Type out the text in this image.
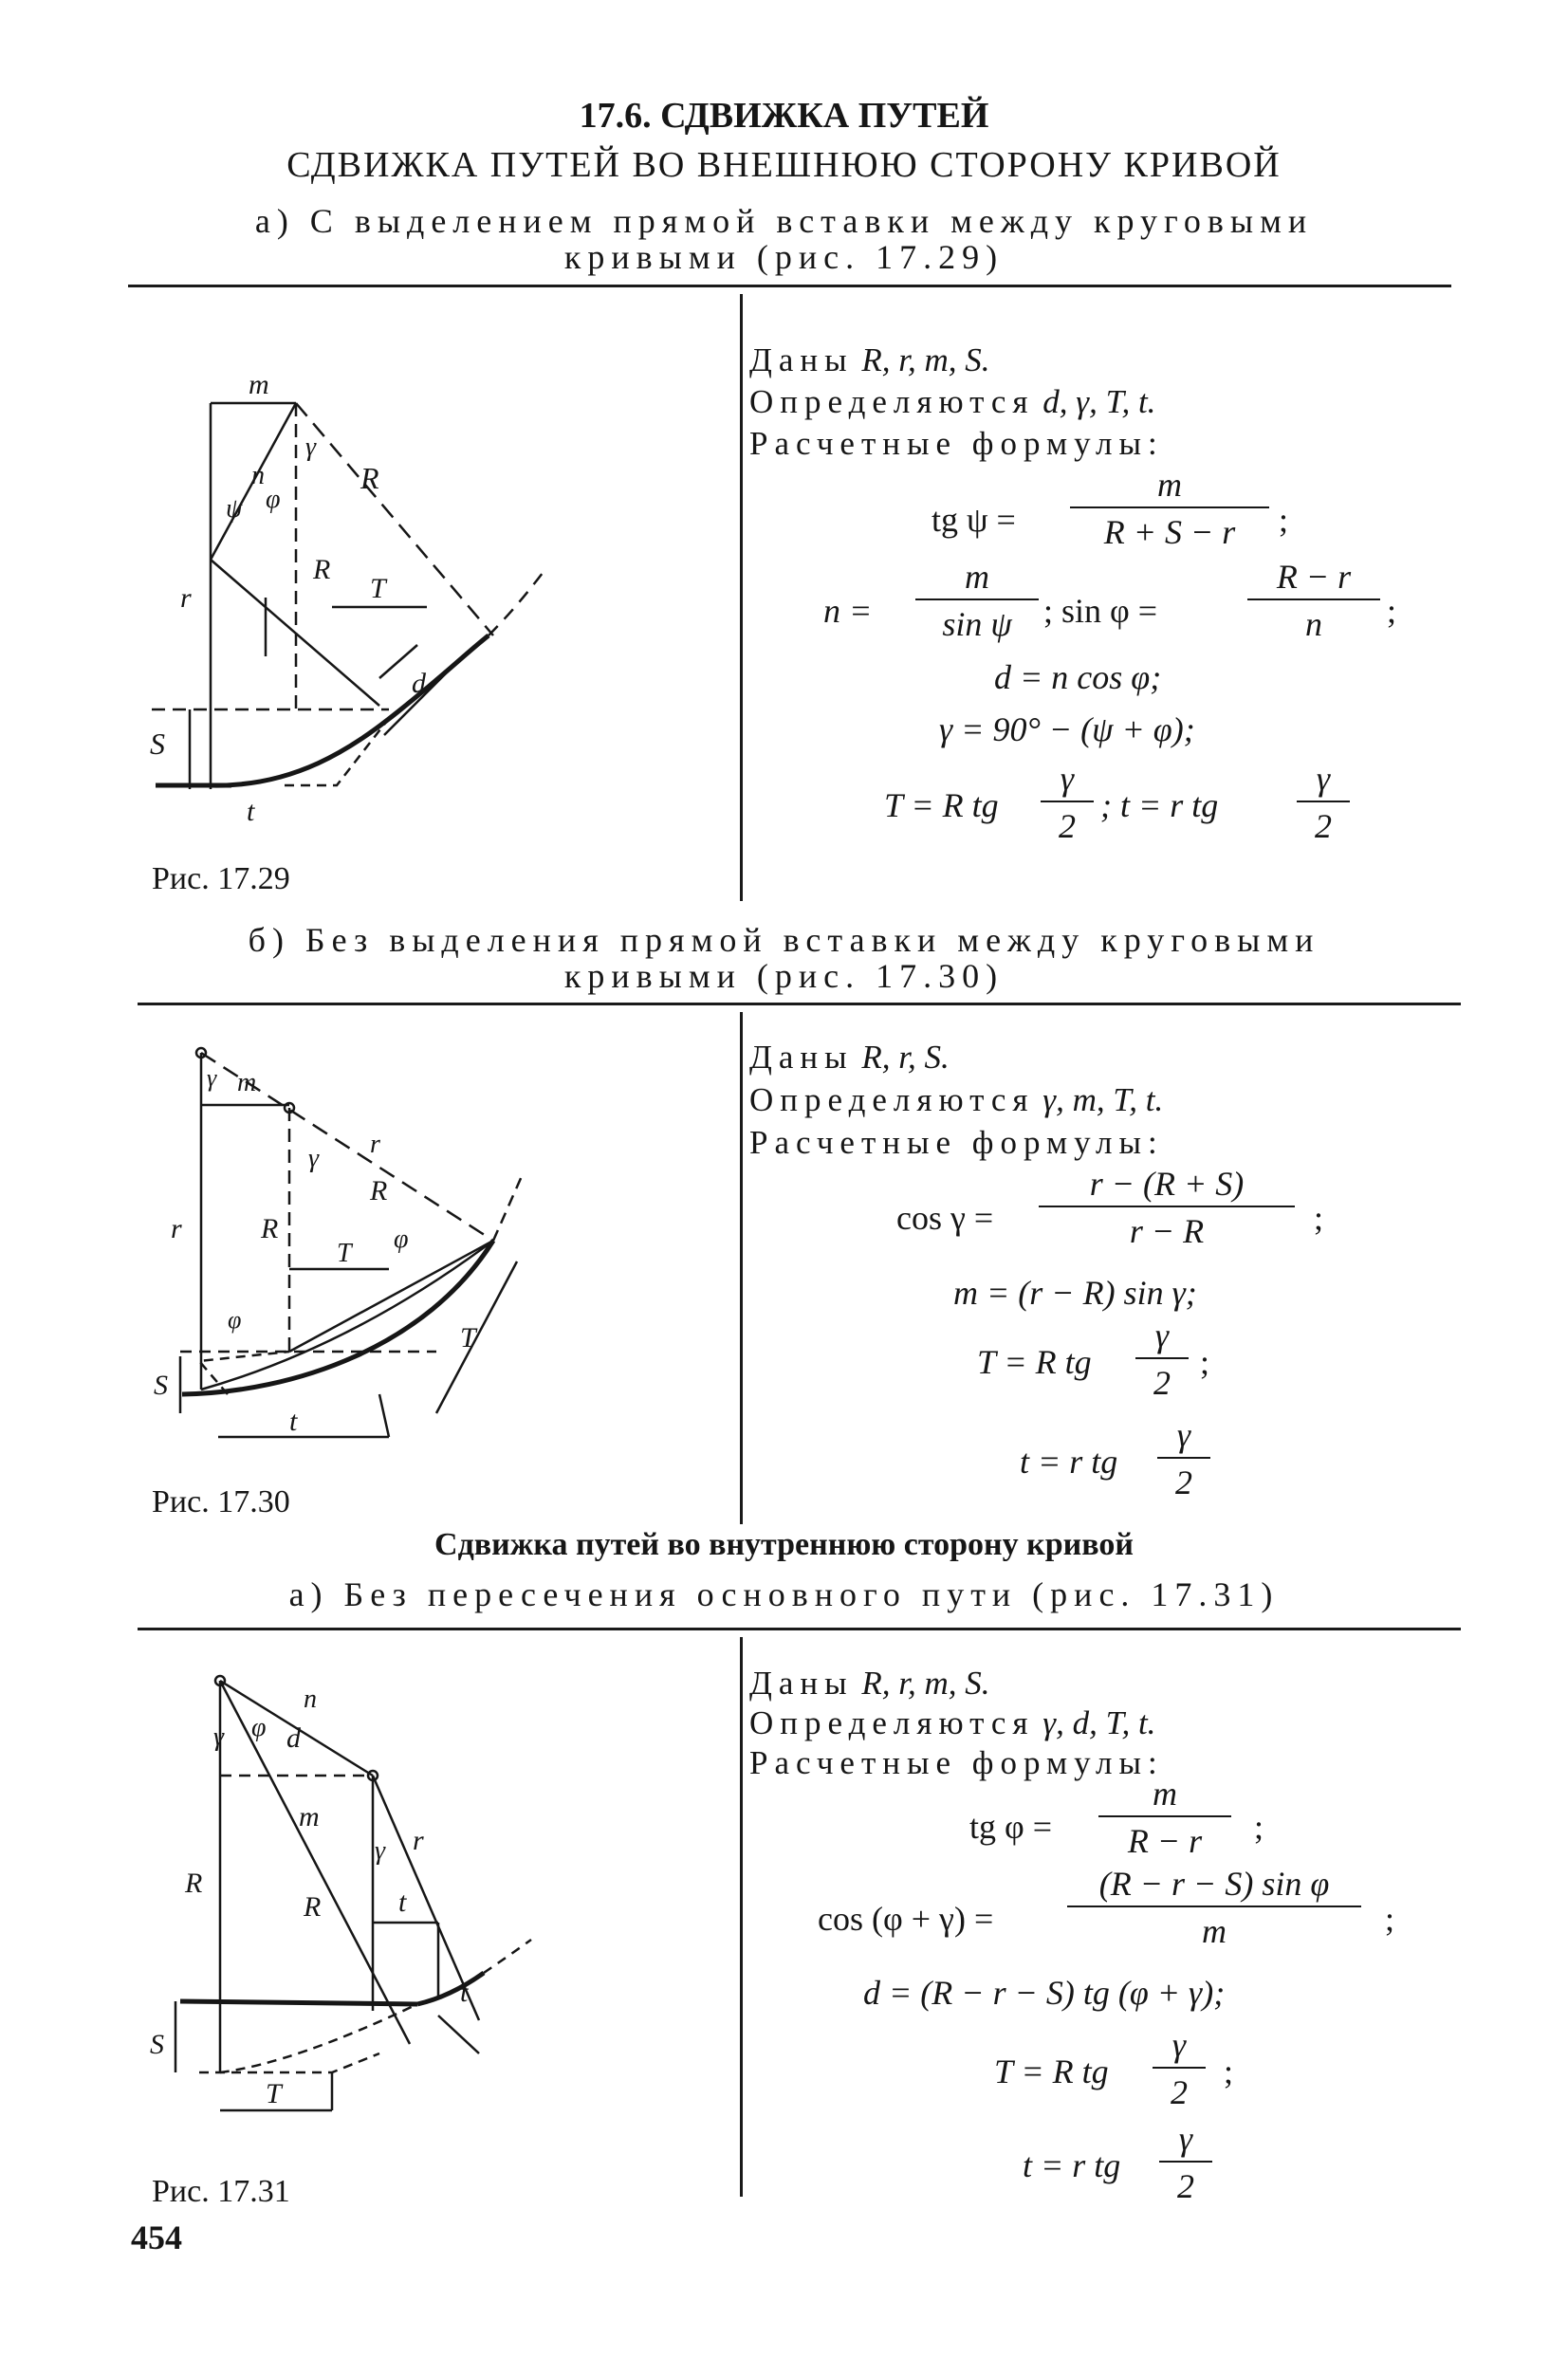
17.6. СДВИЖКА ПУТЕЙ
СДВИЖКА ПУТЕЙ ВО ВНЕШНЮЮ СТОРОНУ КРИВОЙ
а) С выделением прямой вставки между круговыми
кривыми (рис. 17.29)
m
n
ψ φ
γ
R
R
r	T
d
S
t
Рис. 17.29
Даны R, r, m, S.
Определяются d, γ, T, t.
Расчетные формулы:
tg $\psi = \frac{m}{R + S - r}$ ;
$n = \frac{m}{\text{sin ψ}}$ ; sin φ =	$\frac{R - r}{n}$ ;
d = n cos φ;
γ = 90° − (ψ + φ);
T = R tg $\frac{\gamma}{2}$ ; t = r tg $\frac{\gamma}{2}$
б) Без выделения прямой вставки между круговыми
кривыми (рис. 17.30)
γ m
γ r
R
r	R
T φ
φ
T
S
t
Рис. 17.30
Даны R, r, S.
Определяются γ, m, T, t.
Расчетные формулы:
$\cos \gamma = \frac{r - (R + S)}{r - R}$ ;
m = (r − R) sin γ;
T = R tg $\frac{\gamma}{2}$ ;
t = r tg $\frac{\gamma}{2}$
Сдвижка путей во внутреннюю сторону кривой
а) Без пересечения основного пути (рис. 17.31)
γ φ
n
d
m
R
R
γ r
t
t
S
T
Рис. 17.31
Даны R, r, m, S.
Определяются γ, d, T, t.
Расчетные формулы:
tg $\varphi = \frac{m}{R - r}$ ;
$\cos (\varphi + \gamma) = \frac{\text{(R − r − S) sin φ}}{m}$ ;
d = (R − r − S) tg (φ + γ);
T = R tg $\frac{\gamma}{2}$ ;
t = r tg $\frac{\gamma}{2}$
454
